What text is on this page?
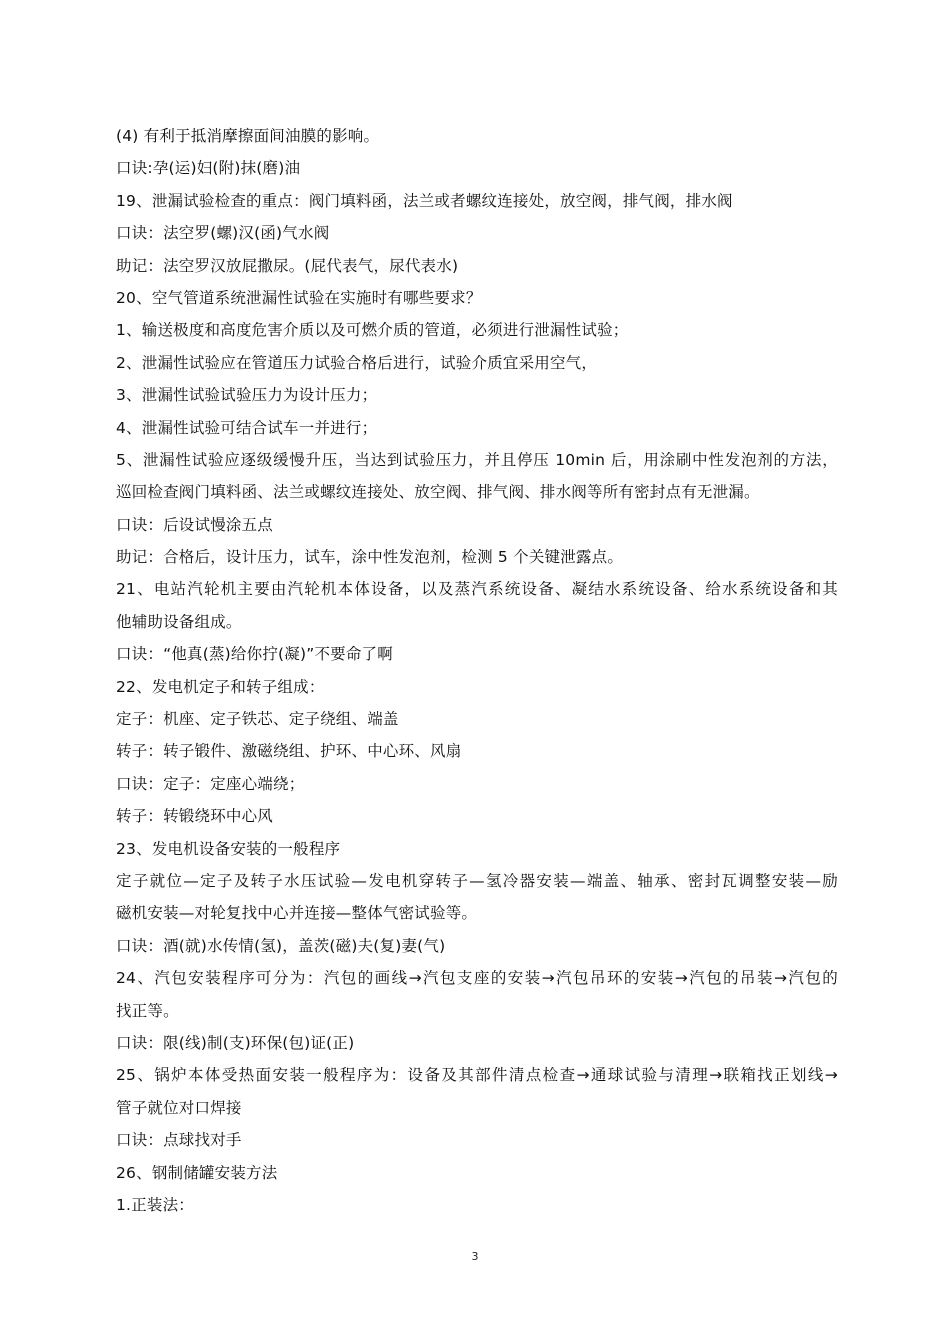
(4) 有利于抵消摩擦面间油膜的影响。
口诀:孕(运)妇(附)抹(磨)油
19、泄漏试验检查的重点：阀门填料函，法兰或者螺纹连接处，放空阀，排气阀，排水阀
口诀：法空罗(螺)汉(函)气水阀
助记：法空罗汉放屁撒尿。(屁代表气，尿代表水)
20、空气管道系统泄漏性试验在实施时有哪些要求？
1、输送极度和高度危害介质以及可燃介质的管道，必须进行泄漏性试验；
2、泄漏性试验应在管道压力试验合格后进行，试验介质宜采用空气，
3、泄漏性试验试验压力为设计压力；
4、泄漏性试验可结合试车一并进行；
5、泄漏性试验应逐级缓慢升压，当达到试验压力，并且停压 10min 后，用涂刷中性发泡剂的方法，
巡回检查阀门填料函、法兰或螺纹连接处、放空阀、排气阀、排水阀等所有密封点有无泄漏。
口诀：后设试慢涂五点
助记：合格后，设计压力，试车，涂中性发泡剂，检测 5 个关键泄露点。
21、电站汽轮机主要由汽轮机本体设备，以及蒸汽系统设备、凝结水系统设备、给水系统设备和其
他辅助设备组成。
口诀：“他真(蒸)给你拧(凝)”不要命了啊
22、发电机定子和转子组成：
定子：机座、定子铁芯、定子绕组、端盖
转子：转子锻件、激磁绕组、护环、中心环、风扇
口诀：定子：定座心端绕；
转子：转锻绕环中心风
23、发电机设备安装的一般程序
定子就位—定子及转子水压试验—发电机穿转子—氢冷器安装—端盖、轴承、密封瓦调整安装—励
磁机安装—对轮复找中心并连接—整体气密试验等。
口诀：酒(就)水传情(氢)，盖茨(磁)夫(复)妻(气)
24、汽包安装程序可分为：汽包的画线→汽包支座的安装→汽包吊环的安装→汽包的吊装→汽包的
找正等。
口诀：限(线)制(支)环保(包)证(正)
25、锅炉本体受热面安装一般程序为：设备及其部件清点检查→通球试验与清理→联箱找正划线→
管子就位对口焊接
口诀：点球找对手
26、钢制储罐安装方法
1.正装法：
3
